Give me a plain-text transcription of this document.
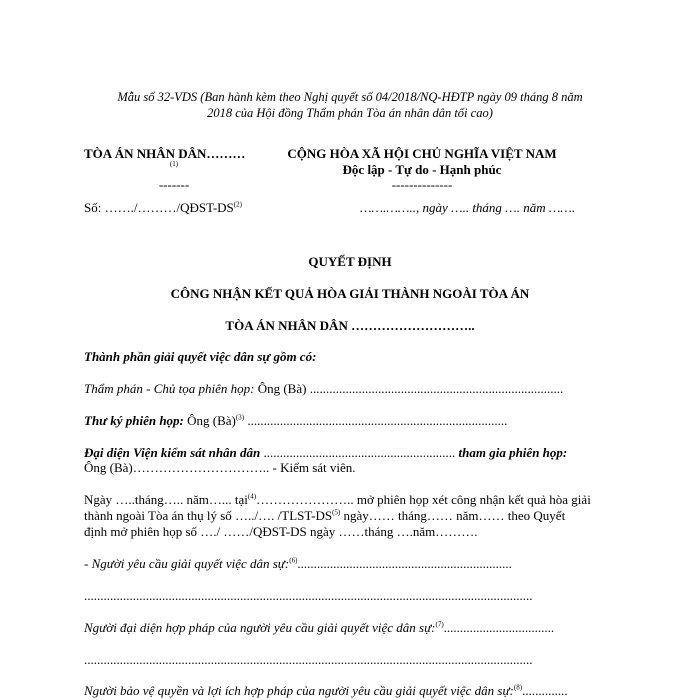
Mẫu số 32-VDS (Ban hành kèm theo Nghị quyết số 04/2018/NQ-HĐTP ngày 09 tháng 8 năm
2018 của Hội đồng Thẩm phán Tòa án nhân dân tối cao)
TÒA ÁN NHÂN DÂN………
(1)
-------
Số: ……./………/QĐST-DS$^{(2)}$
CỘNG HÒA XÃ HỘI CHỦ NGHĨA VIỆT NAM
Độc lập - Tự do - Hạnh phúc
--------------
…….…….., ngày ….. tháng …. năm …….
QUYẾT ĐỊNH
CÔNG NHẬN KẾT QUẢ HÒA GIẢI THÀNH NGOÀI TÒA ÁN
TÒA ÁN NHÂN DÂN ………………………..
Thành phần giải quyết việc dân sự gồm có:
Thẩm phán - Chủ tọa phiên họp: Ông (Bà) ..............................................................................
Thư ký phiên họp: Ông (Bà)$^{(3)}$ ................................................................................
Đại diện Viện kiểm sát nhân dân ........................................................... tham gia phiên họp:
Ông (Bà)………………………….. - Kiểm sát viên.
Ngày …..tháng….. năm…... tại$^{(4)}$………………….. mở phiên họp xét công nhận kết quả hòa giải
thành ngoài Tòa án thụ lý số …../…. /TLST-DS$^{(5)}$ ngày…… tháng…… năm…… theo Quyết
định mở phiên họp số …./ ……/QĐST-DS ngày ……tháng ….năm……….
- Người yêu cầu giải quyết việc dân sự:$^{(6)}$..................................................................
..........................................................................................................................................
Người đại diện hợp pháp của người yêu cầu giải quyết việc dân sự:$^{(7)}$..................................
..........................................................................................................................................
Người bảo vệ quyền và lợi ích hợp pháp của người yêu cầu giải quyết việc dân sự:$^{(8)}$..............
